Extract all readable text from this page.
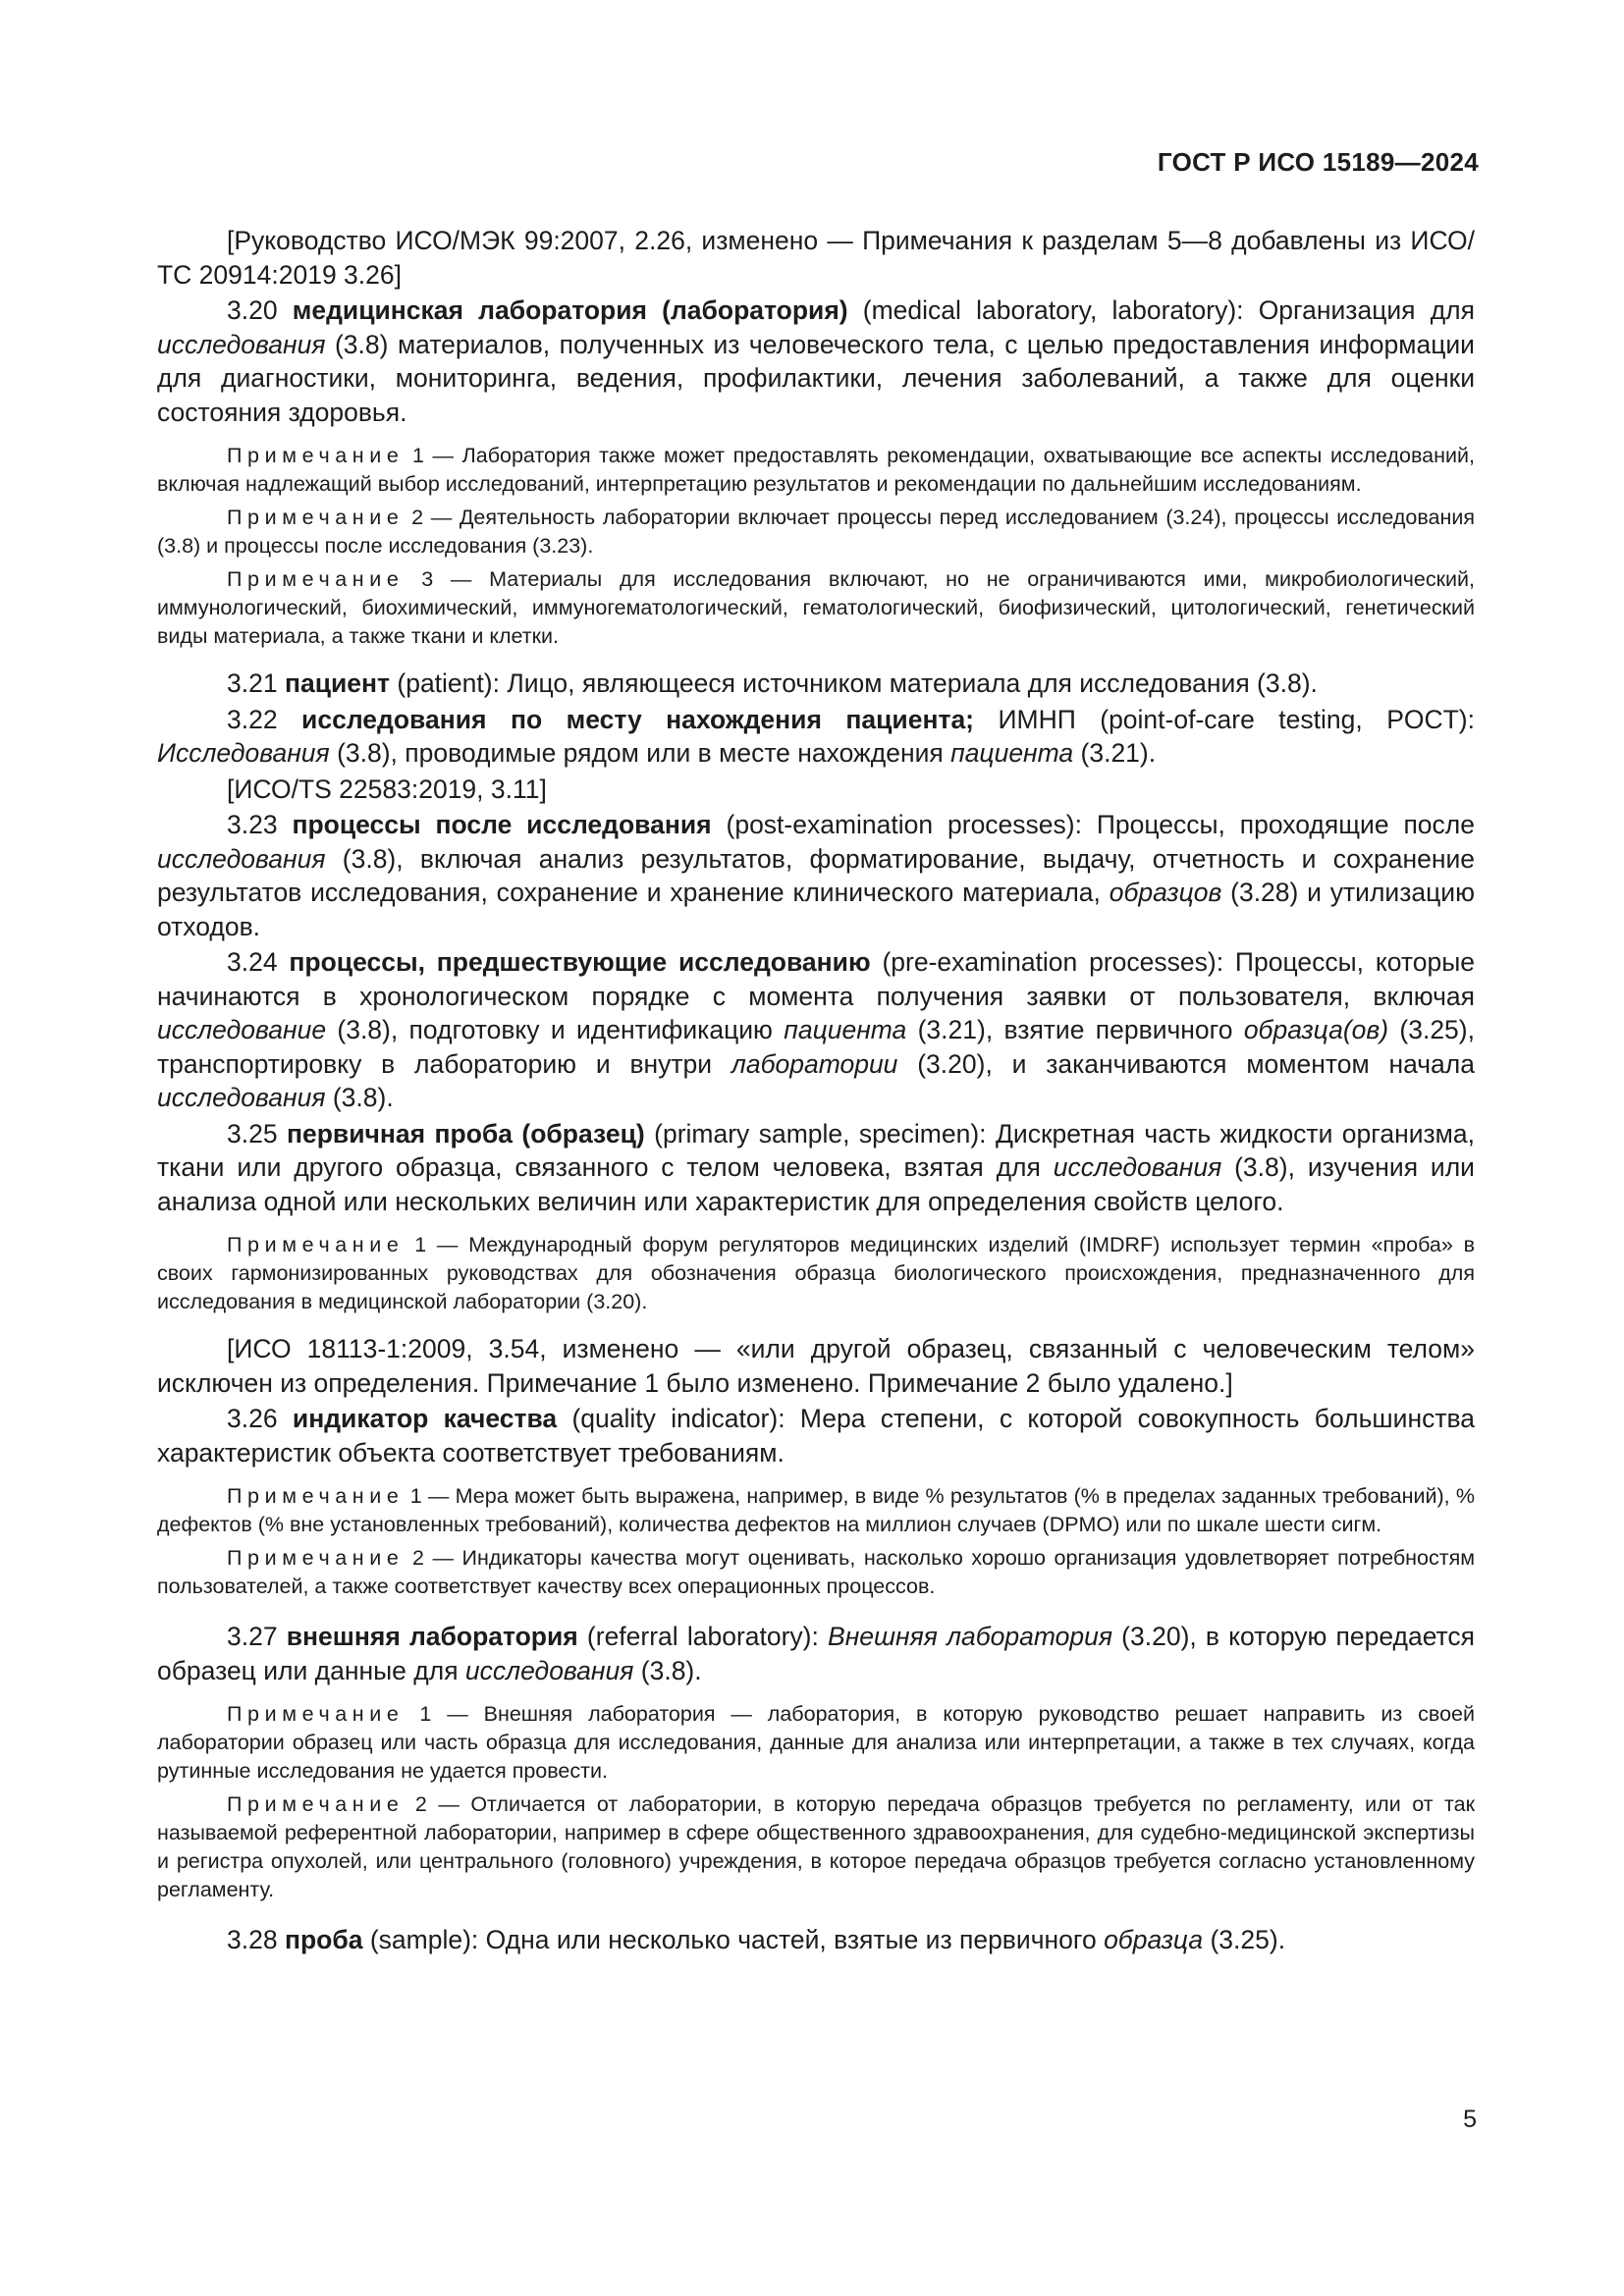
ГОСТ Р ИСО 15189—2024

[Руководство ИСО/МЭК 99:2007, 2.26, изменено — Примечания к разделам 5—8 добавлены из ИСО/ТС 20914:2019 3.26]

3.20 медицинская лаборатория (лаборатория) (medical laboratory, laboratory): Организация для исследования (3.8) материалов, полученных из человеческого тела, с целью предоставления информации для диагностики, мониторинга, ведения, профилактики, лечения заболеваний, а также для оценки состояния здоровья.

Примечание 1 — Лаборатория также может предоставлять рекомендации, охватывающие все аспекты исследований, включая надлежащий выбор исследований, интерпретацию результатов и рекомендации по дальнейшим исследованиям.

Примечание 2 — Деятельность лаборатории включает процессы перед исследованием (3.24), процессы исследования (3.8) и процессы после исследования (3.23).

Примечание 3 — Материалы для исследования включают, но не ограничиваются ими, микробиологический, иммунологический, биохимический, иммуногематологический, гематологический, биофизический, цитологический, генетический виды материала, а также ткани и клетки.

3.21 пациент (patient): Лицо, являющееся источником материала для исследования (3.8).

3.22 исследования по месту нахождения пациента; ИМНП (point-of-care testing, POCT): Исследования (3.8), проводимые рядом или в месте нахождения пациента (3.21).

[ИСО/TS 22583:2019, 3.11]

3.23 процессы после исследования (post-examination processes): Процессы, проходящие после исследования (3.8), включая анализ результатов, форматирование, выдачу, отчетность и сохранение результатов исследования, сохранение и хранение клинического материала, образцов (3.28) и утилизацию отходов.

3.24 процессы, предшествующие исследованию (pre-examination processes): Процессы, которые начинаются в хронологическом порядке с момента получения заявки от пользователя, включая исследование (3.8), подготовку и идентификацию пациента (3.21), взятие первичного образца(ов) (3.25), транспортировку в лабораторию и внутри лаборатории (3.20), и заканчиваются моментом начала исследования (3.8).

3.25 первичная проба (образец) (primary sample, specimen): Дискретная часть жидкости организма, ткани или другого образца, связанного с телом человека, взятая для исследования (3.8), изучения или анализа одной или нескольких величин или характеристик для определения свойств целого.

Примечание 1 — Международный форум регуляторов медицинских изделий (IMDRF) использует термин «проба» в своих гармонизированных руководствах для обозначения образца биологического происхождения, предназначенного для исследования в медицинской лаборатории (3.20).

[ИСО 18113-1:2009, 3.54, изменено — «или другой образец, связанный с человеческим телом» исключен из определения. Примечание 1 было изменено. Примечание 2 было удалено.]

3.26 индикатор качества (quality indicator): Мера степени, с которой совокупность большинства характеристик объекта соответствует требованиям.

Примечание 1 — Мера может быть выражена, например, в виде % результатов (% в пределах заданных требований), % дефектов (% вне установленных требований), количества дефектов на миллион случаев (DPMO) или по шкале шести сигм.

Примечание 2 — Индикаторы качества могут оценивать, насколько хорошо организация удовлетворяет потребностям пользователей, а также соответствует качеству всех операционных процессов.

3.27 внешняя лаборатория (referral laboratory): Внешняя лаборатория (3.20), в которую передается образец или данные для исследования (3.8).

Примечание 1 — Внешняя лаборатория — лаборатория, в которую руководство решает направить из своей лаборатории образец или часть образца для исследования, данные для анализа или интерпретации, а также в тех случаях, когда рутинные исследования не удается провести.

Примечание 2 — Отличается от лаборатории, в которую передача образцов требуется по регламенту, или от так называемой референтной лаборатории, например в сфере общественного здравоохранения, для судебно-медицинской экспертизы и регистра опухолей, или центрального (головного) учреждения, в которое передача образцов требуется согласно установленному регламенту.

3.28 проба (sample): Одна или несколько частей, взятые из первичного образца (3.25).

5
